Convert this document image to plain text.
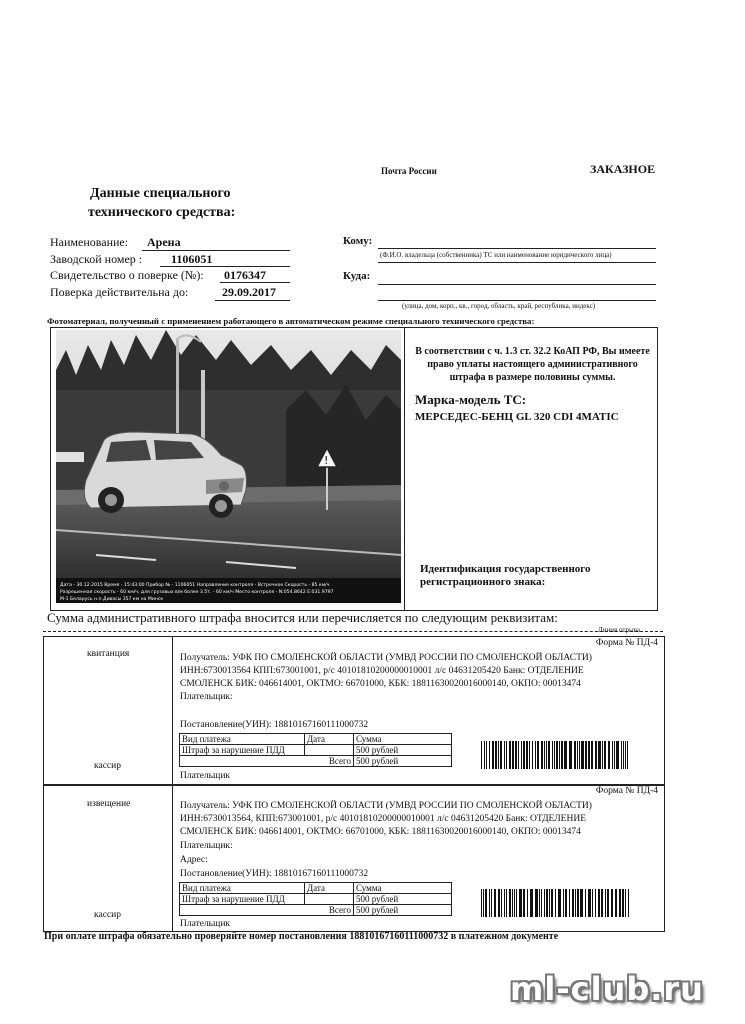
Почта России	ЗАКАЗНОЕ
Данные специального
технического средства:
Наименование: Арена
Заводской номер : 1106051
Свидетельство о поверке (№): 0176347
Поверка действительна до:	29.09.2017
Кому:
(Ф.И.О. владельца (собственника) ТС или наименование юридического лица)
Куда:
(улица, дом, корп., кв., город, область, край, республика, индекс)
Фотоматериал, полученный с применением работающего в автоматическом режиме специального технического средства:
!
Дата - 30.12.2015 Время - 15:43:00 Прибор № - 1106051 Направление контроля - Встречное Скорость - 85 км/ч
Разрешенная скорость - 60 км/ч, для грузовых в/м более 3.5т. - 60 км/ч Место контроля - N:054.8642 E:031.9797
М-1 Беларусь н.п.Дивасы 357 км на Минск
В соответствии с ч. 1.3 ст. 32.2 КоАП РФ, Вы имеете право уплаты настоящего административного штрафа в размере половины суммы.
Марка-модель ТС:
МЕРСЕДЕС-БЕНЦ GL 320 CDI 4MATIC
Идентификация государственного регистрационного знака:
Сумма административного штрафа вносится или перечисляется по следующим реквизитам:
Линия отрыва
квитанция
кассир
Форма № ПД-4
Получатель: УФК ПО СМОЛЕНСКОЙ ОБЛАСТИ (УМВД РОССИИ ПО СМОЛЕНСКОЙ ОБЛАСТИ)
ИНН:6730013564 КПП:673001001, р/с 40101810200000010001 л/с 04631205420 Банк: ОТДЕЛЕНИЕ
СМОЛЕНСК БИК: 046614001, ОКТМО: 66701000, КБК: 18811630020016000140, ОКПО: 00013474
Плательщик:
Постановление(УИН): 18810167160111000732
Вид платежа	Дата	Сумма
Штраф за нарушение ПДД		500 рублей
Всего		500 рублей
Плательщик
извещение
кассир
Форма № ПД-4
Получатель: УФК ПО СМОЛЕНСКОЙ ОБЛАСТИ (УМВД РОССИИ ПО СМОЛЕНСКОЙ ОБЛАСТИ)
ИНН:6730013564, КПП:673001001, р/с 40101810200000010001 л/с 04631205420 Банк: ОТДЕЛЕНИЕ
СМОЛЕНСК БИК: 046614001, ОКТМО: 66701000, КБК: 18811630020016000140, ОКПО: 00013474
Плательщик:
Адрес:
Постановление(УИН): 18810167160111000732
Вид платежа	Дата	Сумма
Штраф за нарушение ПДД		500 рублей
Всего		500 рублей
Плательщик
При оплате штрафа обязательно проверяйте номер постановления 18810167160111000732 в платежном документе
ml-club.ru
